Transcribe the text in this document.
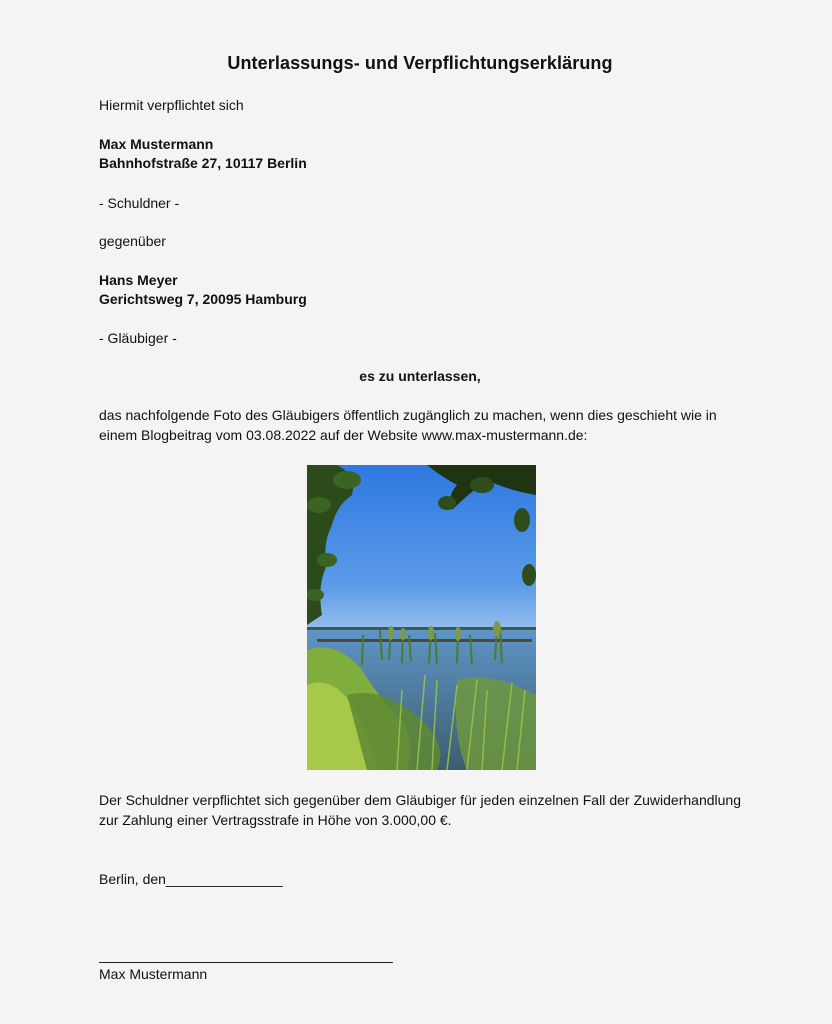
Unterlassungs- und Verpflichtungserklärung
Hiermit verpflichtet sich
Max Mustermann
Bahnhofstraße 27, 10117 Berlin
- Schuldner -
gegenüber
Hans Meyer
Gerichtsweg 7, 20095 Hamburg
- Gläubiger -
es zu unterlassen,
das nachfolgende Foto des Gläubigers öffentlich zugänglich zu machen, wenn dies geschieht wie in einem Blogbeitrag vom 03.08.2022 auf der Website www.max-mustermann.de:
Der Schuldner verpflichtet sich gegenüber dem Gläubiger für jeden einzelnen Fall der Zuwiderhandlung zur Zahlung einer Vertragsstrafe in Höhe von 3.000,00 €.
Berlin, den_______________
Max Mustermann
